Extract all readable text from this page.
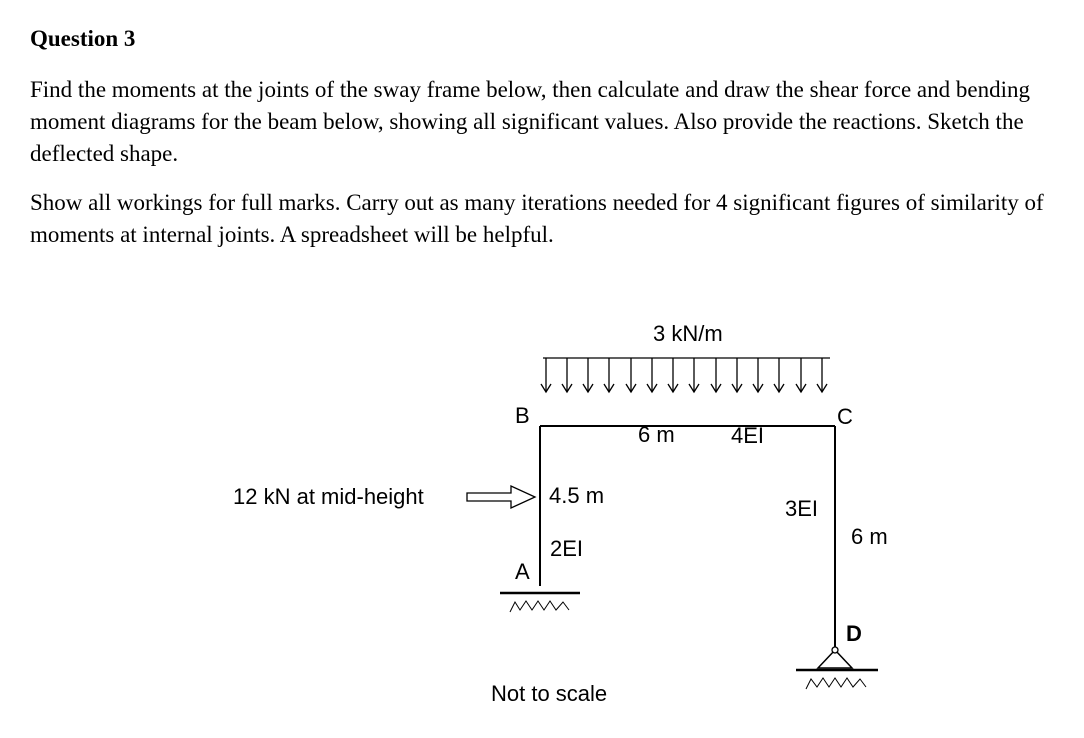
Question 3

Find the moments at the joints of the sway frame below, then calculate and draw the shear force and bending moment diagrams for the beam below, showing all significant values. Also provide the reactions. Sketch the deflected shape.

Show all workings for full marks. Carry out as many iterations needed for 4 significant figures of similarity of moments at internal joints. A spreadsheet will be helpful.

3 kN/m
B	C
6 m	4EI
12 kN at mid-height	4.5 m
3EI
6 m
2EI
A
D
Not to scale
